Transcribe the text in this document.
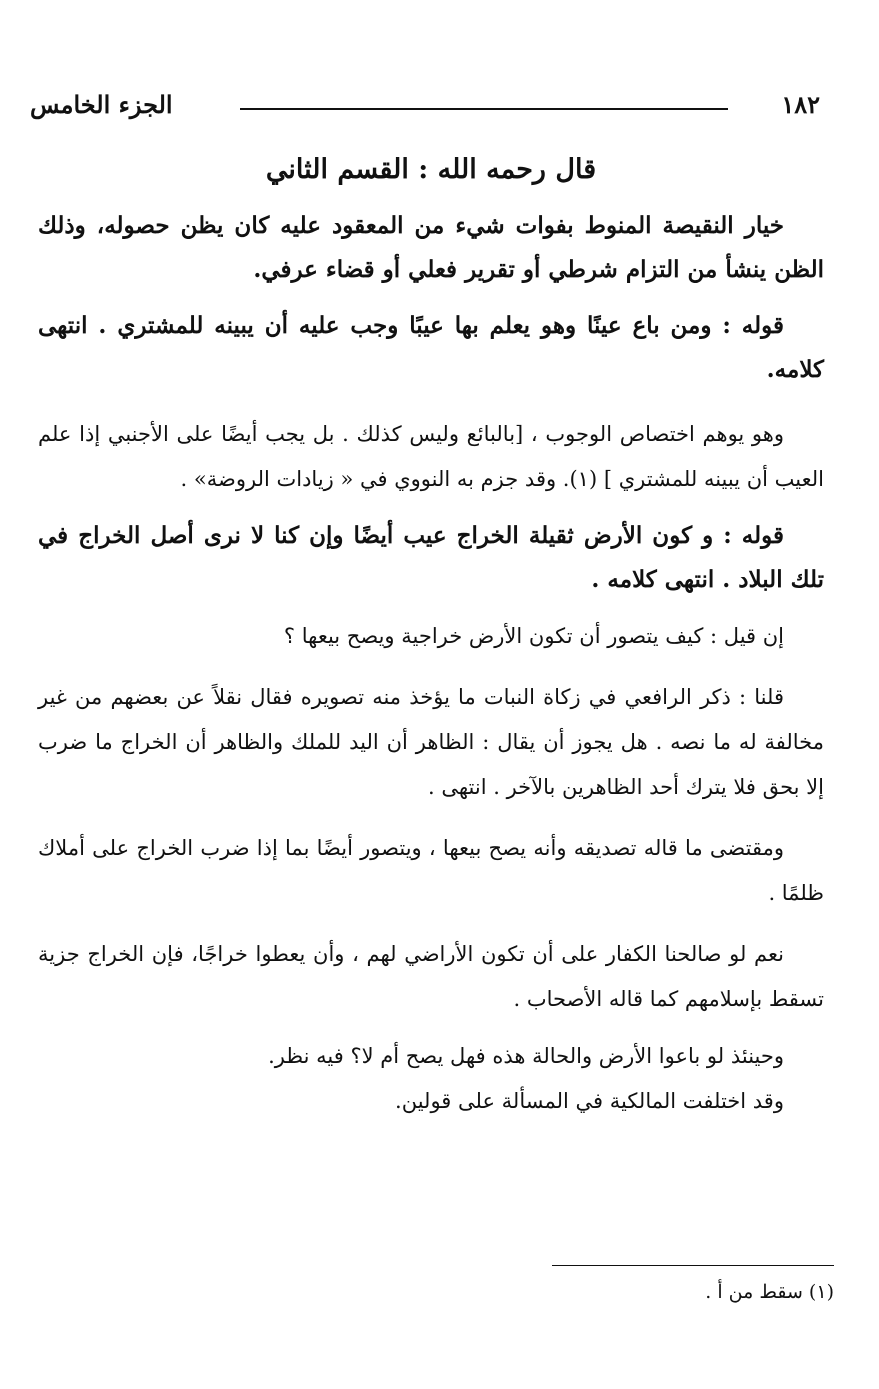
١٨٢
الجزء الخامس
قال رحمه الله : القسم الثاني

خيار النقيصة المنوط بفوات شيء من المعقود عليه كان يظن حصوله، وذلك الظن ينشأ من التزام شرطي أو تقرير فعلي أو قضاء عرفي.

قوله : ومن باع عينًا وهو يعلم بها عيبًا وجب عليه أن يبينه للمشتري . انتهى كلامه.

وهو يوهم اختصاص الوجوب ، [بالبائع وليس كذلك . بل يجب أيضًا على الأجنبي إذا علم العيب أن يبينه للمشتري ] (١). وقد جزم به النووي في « زيادات الروضة» .

قوله : و كون الأرض ثقيلة الخراج عيب أيضًا وإن كنا لا نرى أصل الخراج في تلك البلاد . انتهى كلامه .

إن قيل : كيف يتصور أن تكون الأرض خراجية ويصح بيعها ؟

قلنا : ذكر الرافعي في زكاة النبات ما يؤخذ منه تصويره فقال نقلاً عن بعضهم من غير مخالفة له ما نصه . هل يجوز أن يقال : الظاهر أن اليد للملك والظاهر أن الخراج ما ضرب إلا بحق فلا يترك أحد الظاهرين بالآخر . انتهى .

ومقتضى ما قاله تصديقه وأنه يصح بيعها ، ويتصور أيضًا بما إذا ضرب الخراج على أملاك ظلمًا .

نعم لو صالحنا الكفار على أن تكون الأراضي لهم ، وأن يعطوا خراجًا، فإن الخراج جزية تسقط بإسلامهم كما قاله الأصحاب .

وحينئذ لو باعوا الأرض والحالة هذه فهل يصح أم لا؟ فيه نظر.

وقد اختلفت المالكية في المسألة على قولين.

(١) سقط من أ .
